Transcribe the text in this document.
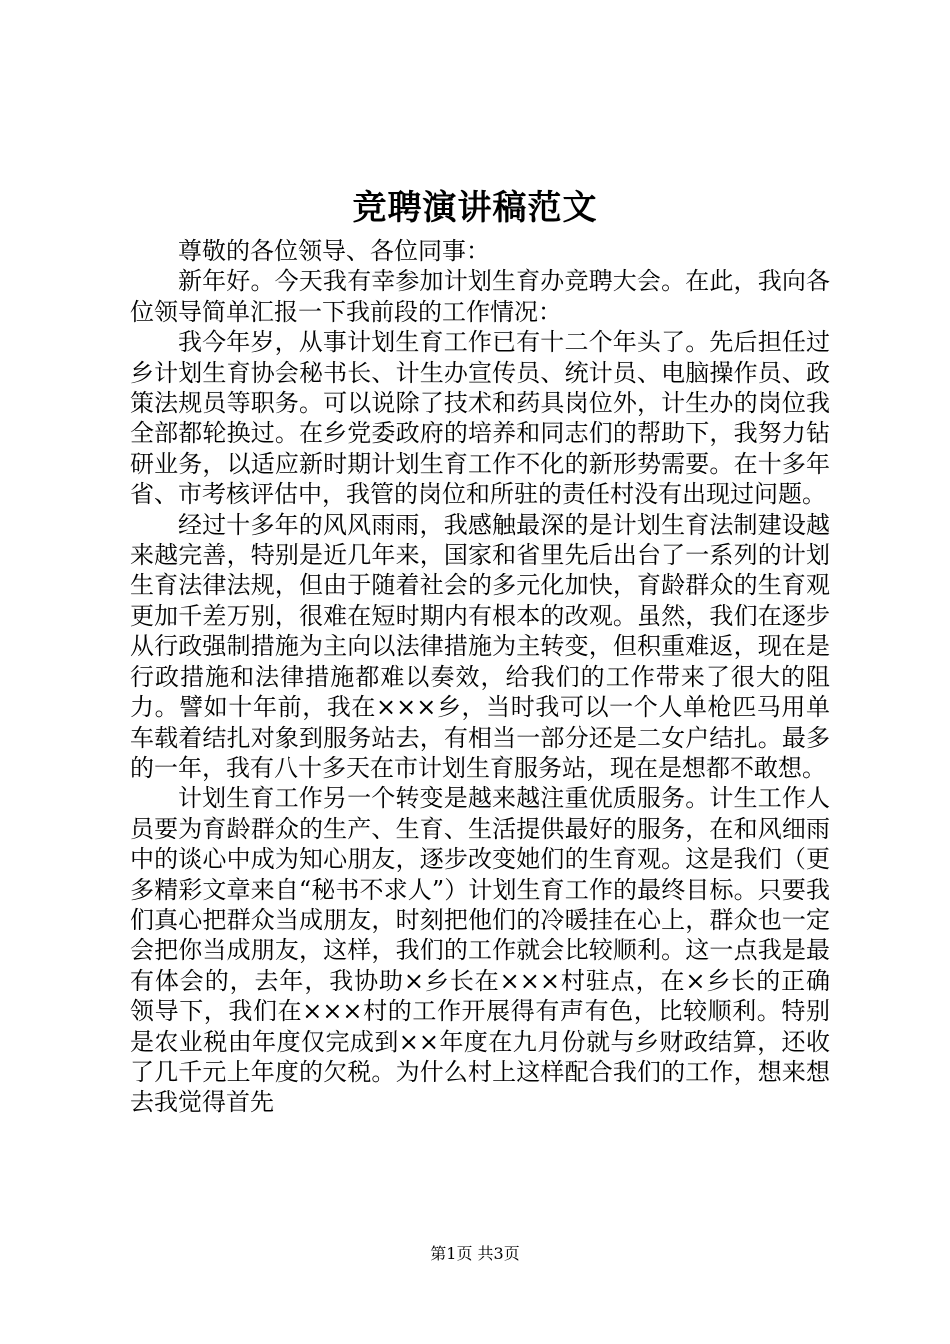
竞聘演讲稿范文

尊敬的各位领导、各位同事：

新年好。今天我有幸参加计划生育办竞聘大会。在此，我向各位领导简单汇报一下我前段的工作情况：

我今年岁，从事计划生育工作已有十二个年头了。先后担任过乡计划生育协会秘书长、计生办宣传员、统计员、电脑操作员、政策法规员等职务。可以说除了技术和药具岗位外，计生办的岗位我全部都轮换过。在乡党委政府的培养和同志们的帮助下，我努力钻研业务，以适应新时期计划生育工作不化的新形势需要。在十多年省、市考核评估中，我管的岗位和所驻的责任村没有出现过问题。

经过十多年的风风雨雨，我感触最深的是计划生育法制建设越来越完善，特别是近几年来，国家和省里先后出台了一系列的计划生育法律法规，但由于随着社会的多元化加快，育龄群众的生育观更加千差万别，很难在短时期内有根本的改观。虽然，我们在逐步从行政强制措施为主向以法律措施为主转变，但积重难返，现在是行政措施和法律措施都难以奏效，给我们的工作带来了很大的阻力。譬如十年前，我在×××乡，当时我可以一个人单枪匹马用单车载着结扎对象到服务站去，有相当一部分还是二女户结扎。最多的一年，我有八十多天在市计划生育服务站，现在是想都不敢想。

计划生育工作另一个转变是越来越注重优质服务。计生工作人员要为育龄群众的生产、生育、生活提供最好的服务，在和风细雨中的谈心中成为知心朋友，逐步改变她们的生育观。这是我们（更多精彩文章来自“秘书不求人”）计划生育工作的最终目标。只要我们真心把群众当成朋友，时刻把他们的冷暖挂在心上，群众也一定会把你当成朋友，这样，我们的工作就会比较顺利。这一点我是最有体会的，去年，我协助×乡长在×××村驻点，在×乡长的正确领导下，我们在×××村的工作开展得有声有色，比较顺利。特别是农业税由年度仅完成到××年度在九月份就与乡财政结算，还收了几千元上年度的欠税。为什么村上这样配合我们的工作，想来想去我觉得首先

第1页 共3页
